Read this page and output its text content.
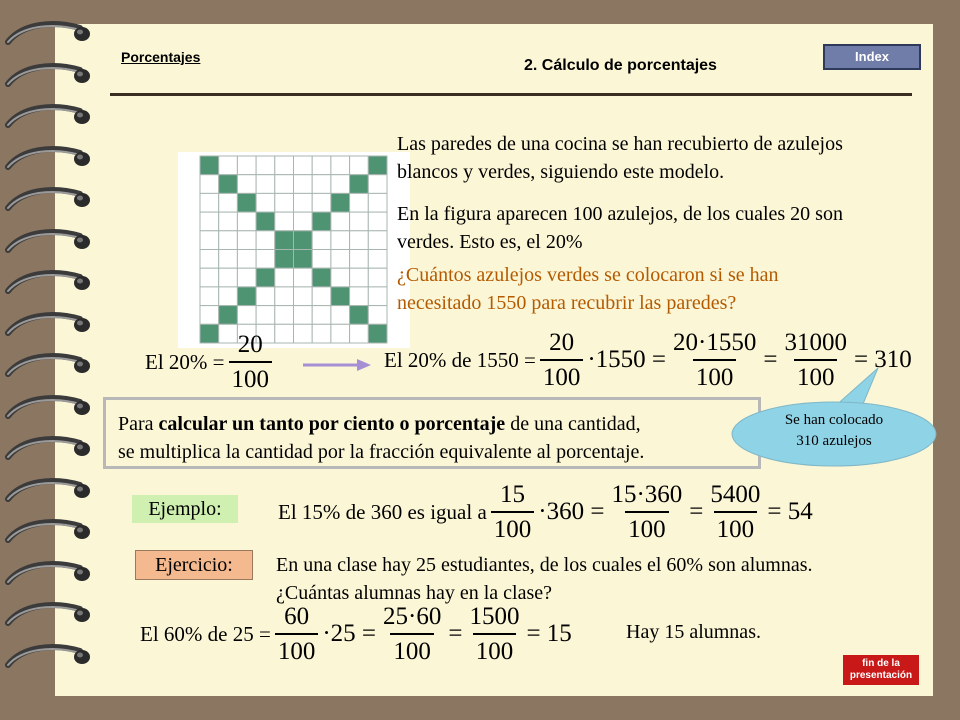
Porcentajes	2. Cálculo de porcentajes
Index
Las paredes de una cocina se han recubierto de azulejos blancos y verdes, siguiendo este modelo.
En la figura aparecen 100 azulejos, de los cuales 20 son verdes. Esto es, el 20%
¿Cuántos azulejos verdes se colocaron si se han necesitado 1550 para recubrir las paredes?
El $20\% = \frac{20}{100}$	El 20% de $1550 = \frac{20}{100} \cdot 1550 = \frac{20\cdot 1550}{100} = \frac{31000}{100} = 310$
Para calcular un tanto por ciento o porcentaje de una cantidad,
se multiplica la cantidad por la fracción equivalente al porcentaje.
Se han colocado
310 azulejos
Ejemplo:	El 15% de 360 es igual a $\frac{15}{100} \cdot 360 = \frac{15\cdot 360}{100} = \frac{5400}{100} = 54$
Ejercicio:	En una clase hay 25 estudiantes, de los cuales el 60% son alumnas.
¿Cuántas alumnas hay en la clase?
El 60% de $25 = \frac{60}{100} \cdot 25 = \frac{25\cdot 60}{100} = \frac{1500}{100} = 15$	Hay 15 alumnas.
fin de la
presentación
